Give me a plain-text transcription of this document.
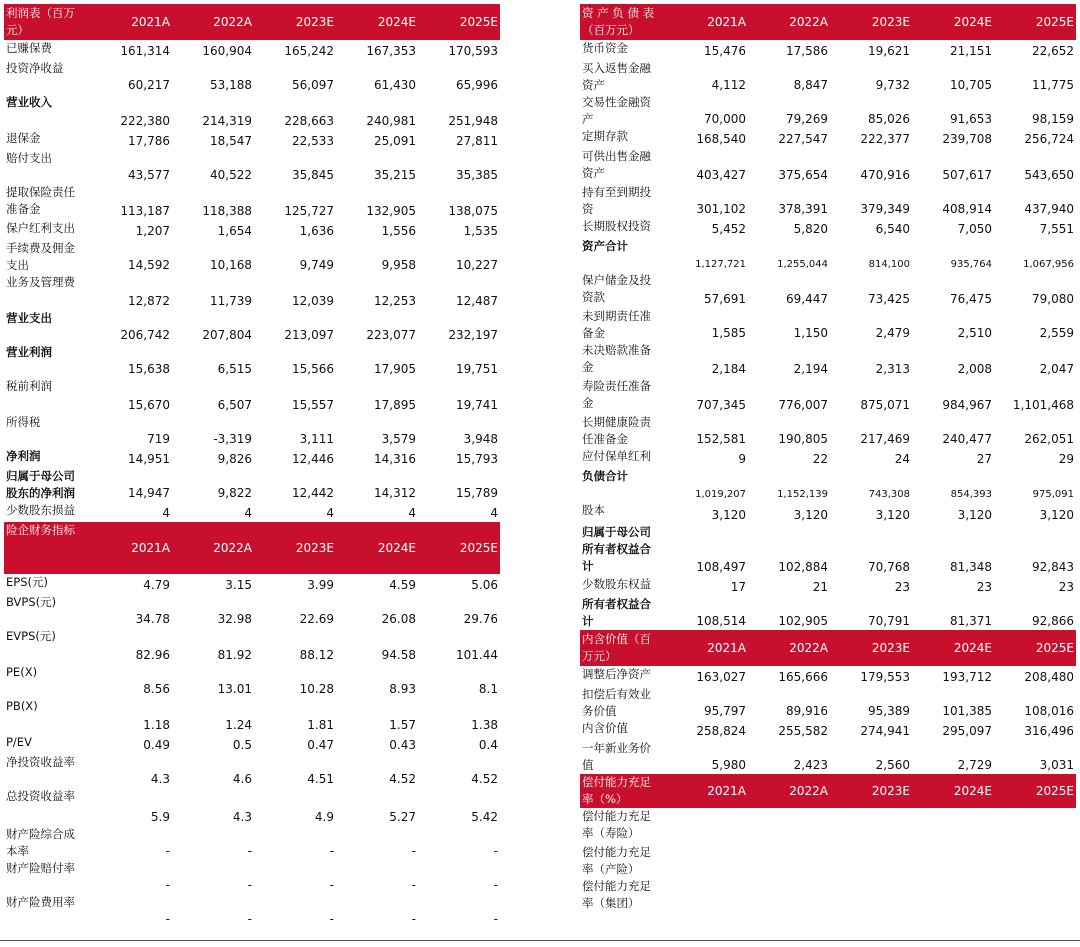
利润表（百万
元）
2021A	2022A	2023E	2024E	2025E
已赚保费	161,314	160,904	165,242	167,353	170,593
投资净收益
60,217	53,188	56,097	61,430	65,996
营业收入
222,380	214,319	228,663	240,981	251,948
退保金	17,786	18,547	22,533	25,091	27,811
赔付支出
43,577	40,522	35,845	35,215	35,385
提取保险责任
准备金	113,187	118,388	125,727	132,905	138,075
保户红利支出	1,207	1,654	1,636	1,556	1,535
手续费及佣金
支出	14,592	10,168	9,749	9,958	10,227
业务及管理费
12,872	11,739	12,039	12,253	12,487
营业支出
206,742	207,804	213,097	223,077	232,197
营业利润
15,638	6,515	15,566	17,905	19,751
税前利润
15,670	6,507	15,557	17,895	19,741
所得税
719	-3,319	3,111	3,579	3,948
净利润	14,951	9,826	12,446	14,316	15,793
归属于母公司
股东的净利润	14,947	9,822	12,442	14,312	15,789
少数股东损益	4	4	4	4	4
险企财务指标
2021A	2022A	2023E	2024E	2025E
EPS(元)	4.79	3.15	3.99	4.59	5.06
BVPS(元)
34.78	32.98	22.69	26.08	29.76
EVPS(元)
82.96	81.92	88.12	94.58	101.44
PE(X)
8.56	13.01	10.28	8.93	8.1
PB(X)
1.18	1.24	1.81	1.57	1.38
P/EV	0.49	0.5	0.47	0.43	0.4
净投资收益率
4.3	4.6	4.51	4.52	4.52
总投资收益率
5.9	4.3	4.9	5.27	5.42
财产险综合成
本率	-	-	-	-	-
财产险赔付率
-	-	-	-	-
财产险费用率
-	-	-	-	-
资 产 负 债 表
（百万元）
2021A	2022A	2023E	2024E	2025E
货币资金	15,476	17,586	19,621	21,151	22,652
买入返售金融
资产	4,112	8,847	9,732	10,705	11,775
交易性金融资
产	70,000	79,269	85,026	91,653	98,159
定期存款	168,540	227,547	222,377	239,708	256,724
可供出售金融
资产	403,427	375,654	470,916	507,617	543,650
持有至到期投
资	301,102	378,391	379,349	408,914	437,940
长期股权投资	5,452	5,820	6,540	7,050	7,551
资产合计
1,127,721	1,255,044	814,100	935,764	1,067,956
保户储金及投
资款	57,691	69,447	73,425	76,475	79,080
未到期责任准
备金	1,585	1,150	2,479	2,510	2,559
未决赔款准备
金	2,184	2,194	2,313	2,008	2,047
寿险责任准备
金	707,345	776,007	875,071	984,967	1,101,468
长期健康险责
任准备金	152,581	190,805	217,469	240,477	262,051
应付保单红利	9	22	24	27	29
负债合计
1,019,207	1,152,139	743,308	854,393	975,091
股本	3,120	3,120	3,120	3,120	3,120
归属于母公司
所有者权益合
计	108,497	102,884	70,768	81,348	92,843
少数股东权益	17	21	23	23	23
所有者权益合
计	108,514	102,905	70,791	81,371	92,866
内含价值（百
万元）
2021A	2022A	2023E	2024E	2025E
调整后净资产	163,027	165,666	179,553	193,712	208,480
扣偿后有效业
务价值	95,797	89,916	95,389	101,385	108,016
内含价值	258,824	255,582	274,941	295,097	316,496
一年新业务价
值	5,980	2,423	2,560	2,729	3,031
偿付能力充足
率（%）
2021A	2022A	2023E	2024E	2025E
偿付能力充足
率（寿险）
偿付能力充足
率（产险）
偿付能力充足
率（集团）
